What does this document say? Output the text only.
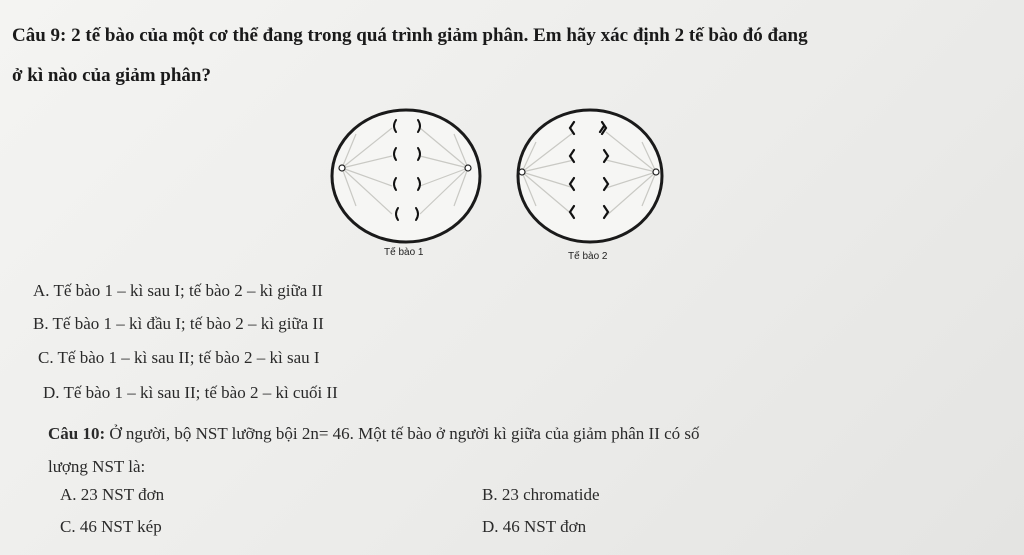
Câu 9: 2 tế bào của một cơ thể đang trong quá trình giảm phân. Em hãy xác định 2 tế bào đó đang
ở kì nào của giảm phân?
Tế bào 1	Tế bào 2
A. Tế bào 1 – kì sau I; tế bào 2 – kì giữa II
B. Tế bào 1 – kì đầu I; tế bào 2 – kì giữa II
C. Tế bào 1 – kì sau II; tế bào 2 – kì sau I
D. Tế bào 1 – kì sau II; tế bào 2 – kì cuối II
Câu 10: Ở người, bộ NST lưỡng bội 2n= 46. Một tế bào ở người kì giữa của giảm phân II có số
lượng NST là:
A. 23 NST đơn	B. 23 chromatide
C. 46 NST kép	D. 46 NST đơn
